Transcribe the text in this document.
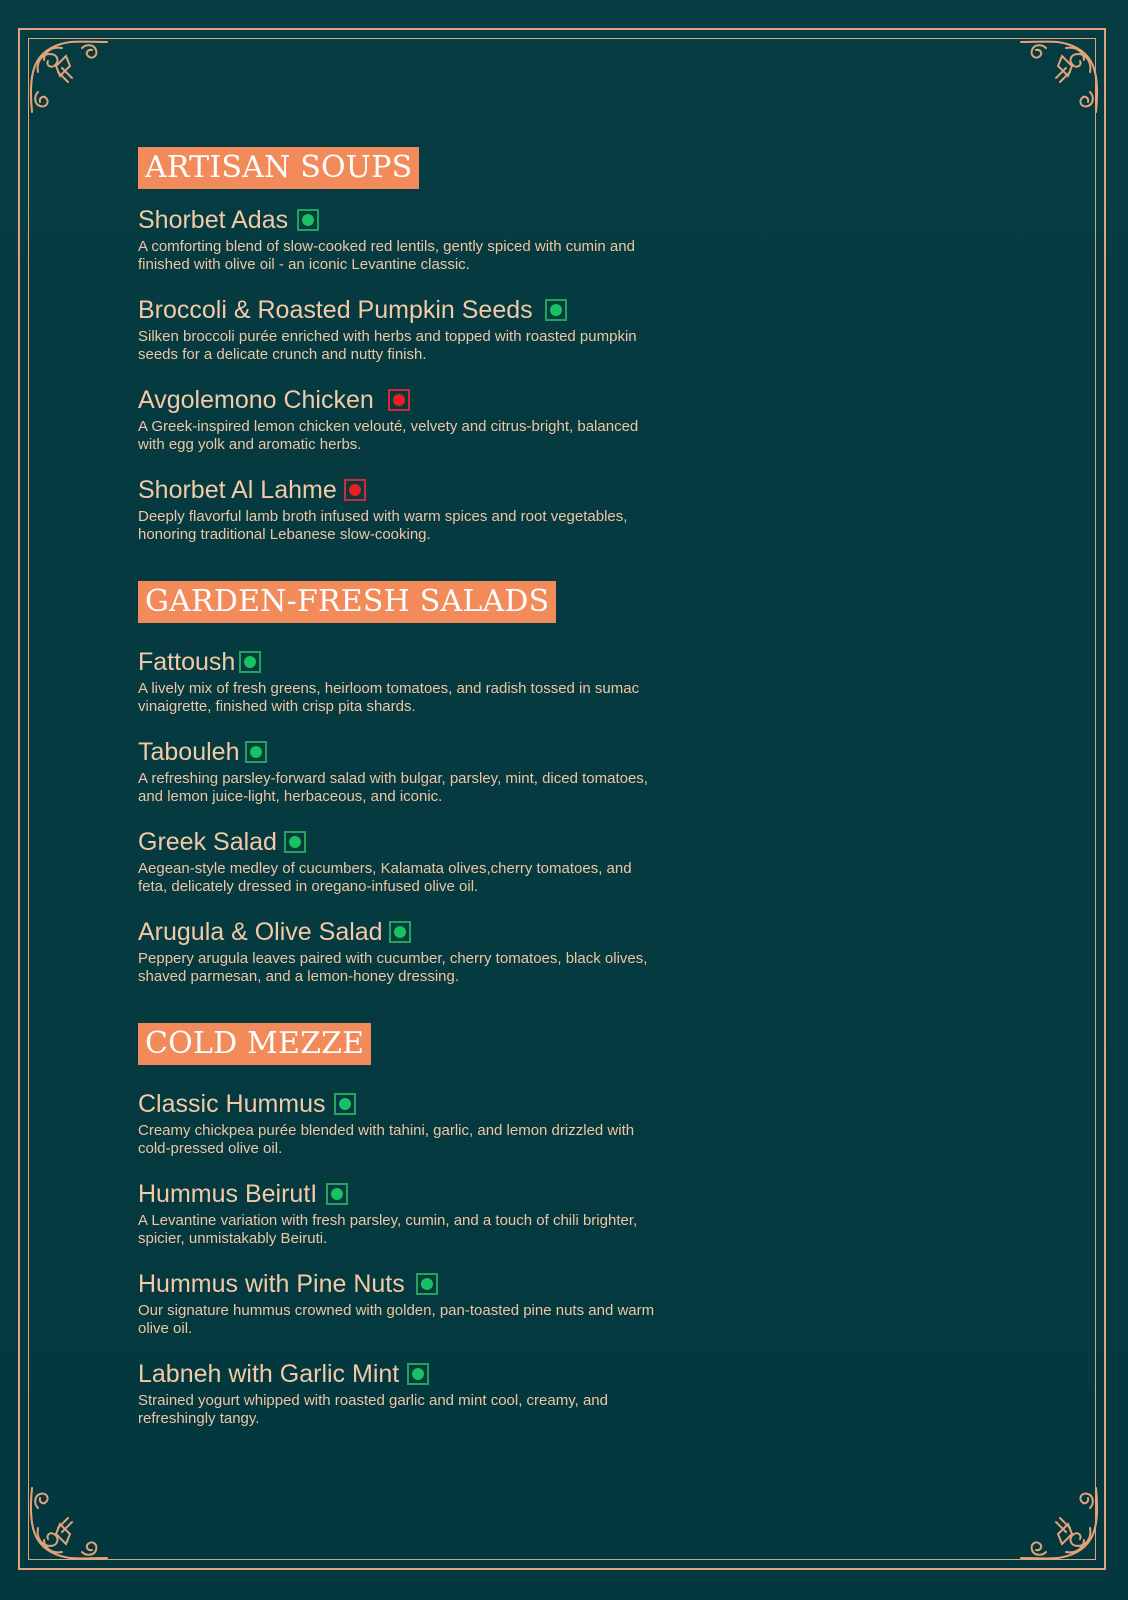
ARTISAN SOUPS
Shorbet Adas
A comforting blend of slow-cooked red lentils, gently spiced with cumin and finished with olive oil - an iconic Levantine classic.
Broccoli & Roasted Pumpkin Seeds
Silken broccoli purée enriched with herbs and topped with roasted pumpkin seeds for a delicate crunch and nutty finish.
Avgolemono Chicken
A Greek-inspired lemon chicken velouté, velvety and citrus-bright, balanced with egg yolk and aromatic herbs.
Shorbet Al Lahme
Deeply flavorful lamb broth infused with warm spices and root vegetables, honoring traditional Lebanese slow-cooking.
GARDEN-FRESH SALADS
Fattoush
A lively mix of fresh greens, heirloom tomatoes, and radish tossed in sumac vinaigrette, finished with crisp pita shards.
Tabouleh
A refreshing parsley-forward salad with bulgar, parsley, mint, diced tomatoes, and lemon juice-light, herbaceous, and iconic.
Greek Salad
Aegean-style medley of cucumbers, Kalamata olives,cherry tomatoes, and feta, delicately dressed in oregano-infused olive oil.
Arugula & Olive Salad
Peppery arugula leaves paired with cucumber, cherry tomatoes, black olives, shaved parmesan, and a lemon-honey dressing.
COLD MEZZE
Classic Hummus
Creamy chickpea purée blended with tahini, garlic, and lemon drizzled with cold-pressed olive oil.
Hummus BeirutI
A Levantine variation with fresh parsley, cumin, and a touch of chili brighter, spicier, unmistakably Beiruti.
Hummus with Pine Nuts
Our signature hummus crowned with golden, pan-toasted pine nuts and warm olive oil.
Labneh with Garlic Mint
Strained yogurt whipped with roasted garlic and mint cool, creamy, and refreshingly tangy.
